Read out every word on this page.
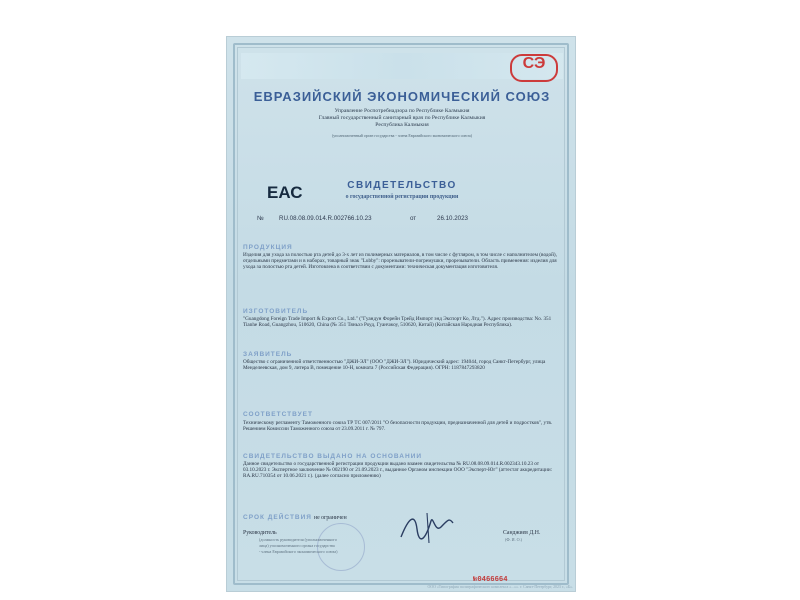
СЭ
ЕВРАЗИЙСКИЙ ЭКОНОМИЧЕСКИЙ СОЮЗ
Управление Роспотребнадзора по Республике Калмыкия
Главный государственный санитарный врач по Республике Калмыкия
Республика Калмыкия
(уполномоченный орган государства - члена Евразийского экономического союза)
ЕАС	СВИДЕТЕЛЬСТВО
о государственной регистрации продукции
№ RU.08.08.09.014.R.002766.10.23	от	26.10.2023
ПРОДУКЦИЯ
Изделия для ухода за полостью рта детей до 3-х лет из полимерных материалов, в том числе с футляром, в том числе с наполнителем (водой), отдельными предметами и в наборах, товарный знак "Lubby": прорезыватели-погремушки, прорезыватели. Область применения: изделия для ухода за полостью рта детей. Изготовлена в соответствии с документами: техническая документация изготовителя.
ИЗГОТОВИТЕЛЬ
"Guangdong Foreign Trade Import & Export Co., Ltd." ("Гуандун Форейн Трейд Импорт энд Экспорт Ко, Лтд."). Адрес производства: No. 351 Tianhe Road, Guangzhou, 510620, China (№ 351 Тяньхэ Роуд, Гуанчжоу, 510620, Китай) (Китайская Народная Республика).
ЗАЯВИТЕЛЬ
Общество с ограниченной ответственностью "ДЖИ-ЭЛ" (ООО "ДЖИ-ЭЛ"). Юридический адрес: 194044, город Санкт-Петербург, улица Менделеевская, дом 9, литера В, помещение 10-Н, комната 7 (Российская Федерация). ОГРН: 1187847293820
СООТВЕТСТВУЕТ
Техническому регламенту Таможенного союза ТР ТС 007/2011 "О безопасности продукции, предназначенной для детей и подростков", утв. Решением Комиссии Таможенного союза от 23.09.2011 г. № 797.
СВИДЕТЕЛЬСТВО ВЫДАНО НА ОСНОВАНИИ
Данное свидетельство о государственной регистрации продукции выдано взамен свидетельства № RU.08.08.09.014.R.002343.10.23 от 03.10.2023 г. Экспертное заключение № 002190 от 21.09.2023 г., выданное Органом инспекции ООО "Эксперт-Юг" (аттестат аккредитации: RA.RU.710354 от 10.06.2021 г.). (далее согласно приложению)
СРОК ДЕЙСТВИЯ не ограничен
Руководитель	Санджиев Д.Н.
(должность руководителя (уполномоченного
лица) уполномоченного органа государства
- члена Евразийского экономического союза)
(Ф. И. О.)
№0466664
ООО «Типография полиграфического комплекса «...»». г. Санкт-Петербург, 2023 г., «Б».
